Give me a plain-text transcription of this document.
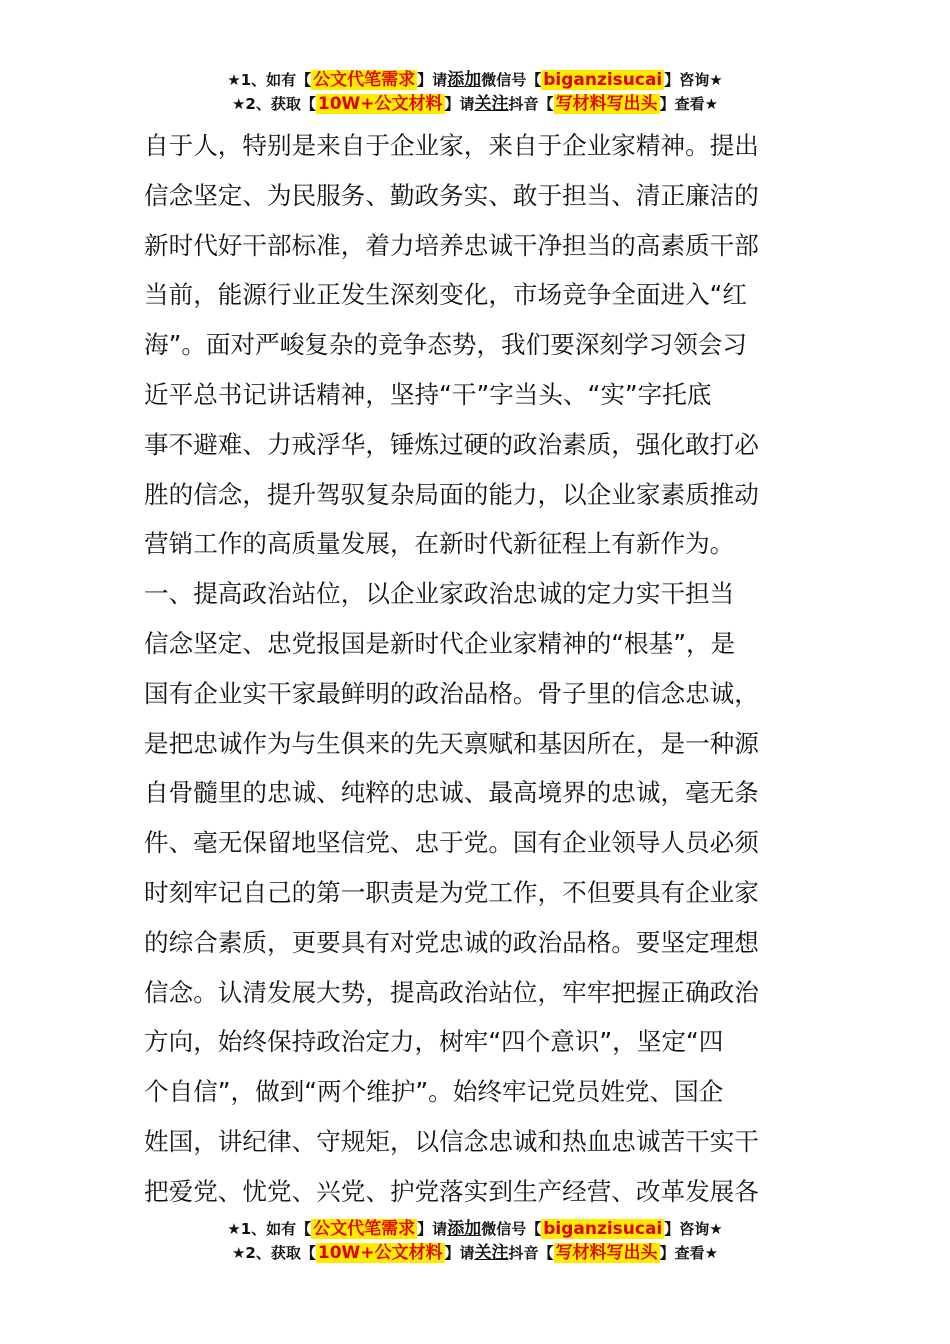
★1、如有【 公文代笔需求 】请添加微信号【 biganzisucai 】咨询★
★2、获取【 10W+公文材料 】请关注抖音【 写材料写出头 】查看★

自于人，特别是来自于企业家，来自于企业家精神。提出

信念坚定、为民服务、勤政务实、敢于担当、清正廉洁的

新时代好干部标准，着力培养忠诚干净担当的高素质干部

当前，能源行业正发生深刻变化，市场竞争全面进入“红

海”。面对严峻复杂的竞争态势，我们要深刻学习领会习

近平总书记讲话精神，坚持“干”字当头、“实”字托底

事不避难、力戒浮华，锤炼过硬的政治素质，强化敢打必

胜的信念，提升驾驭复杂局面的能力，以企业家素质推动

营销工作的高质量发展，在新时代新征程上有新作为。

一、提高政治站位，以企业家政治忠诚的定力实干担当

信念坚定、忠党报国是新时代企业家精神的“根基”，是

国有企业实干家最鲜明的政治品格。骨子里的信念忠诚，

是把忠诚作为与生俱来的先天禀赋和基因所在，是一种源

自骨髓里的忠诚、纯粹的忠诚、最高境界的忠诚，毫无条

件、毫无保留地坚信党、忠于党。国有企业领导人员必须

时刻牢记自己的第一职责是为党工作，不但要具有企业家

的综合素质，更要具有对党忠诚的政治品格。要坚定理想

信念。认清发展大势，提高政治站位，牢牢把握正确政治

方向，始终保持政治定力，树牢“四个意识”，坚定“四

个自信”，做到“两个维护”。始终牢记党员姓党、国企

姓国，讲纪律、守规矩，以信念忠诚和热血忠诚苦干实干

把爱党、忧党、兴党、护党落实到生产经营、改革发展各

★1、如有【 公文代笔需求 】请添加微信号【 biganzisucai 】咨询★
★2、获取【 10W+公文材料 】请关注抖音【 写材料写出头 】查看★
